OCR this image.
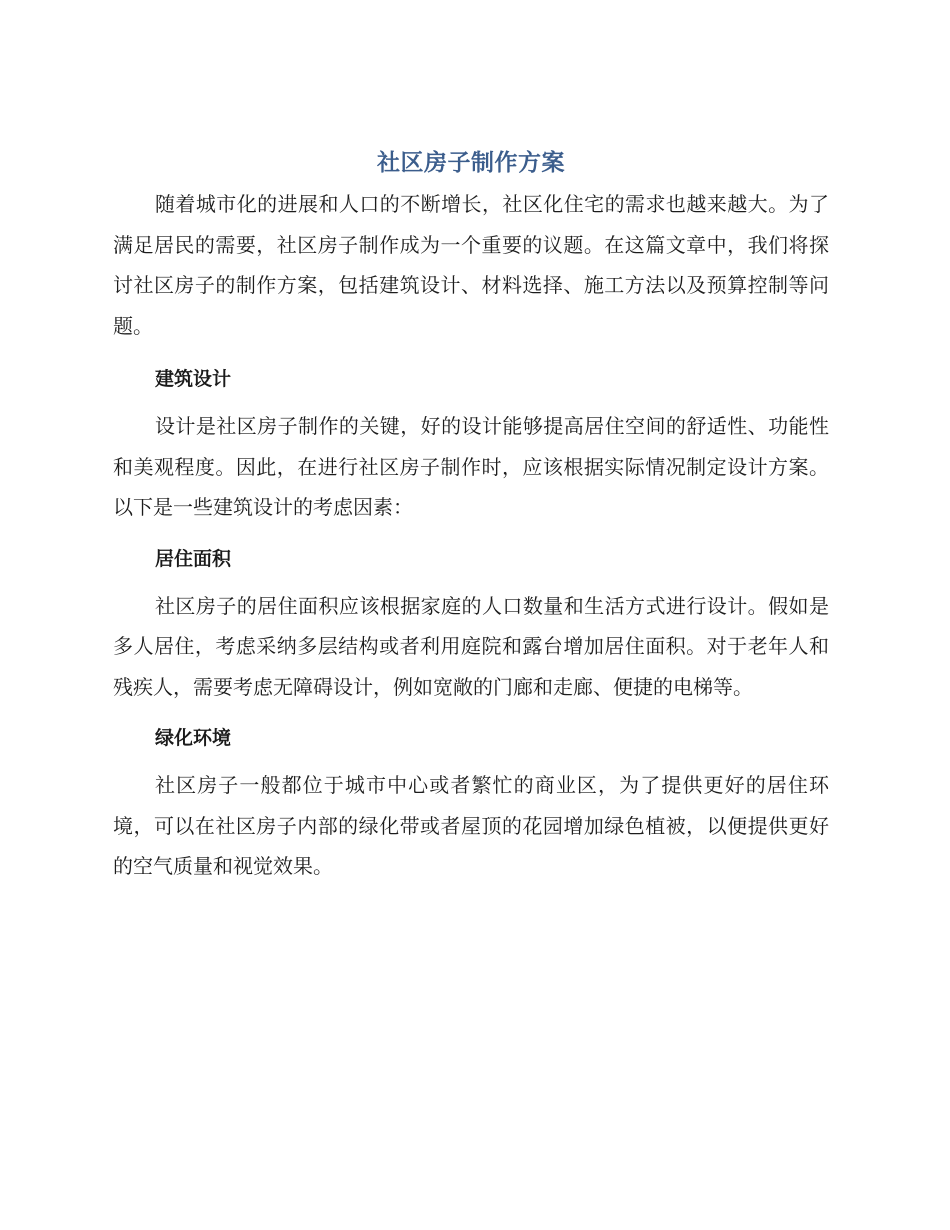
社区房子制作方案

随着城市化的进展和人口的不断增长，社区化住宅的需求也越来越大。为了满足居民的需要，社区房子制作成为一个重要的议题。在这篇文章中，我们将探讨社区房子的制作方案，包括建筑设计、材料选择、施工方法以及预算控制等问题。

建筑设计

设计是社区房子制作的关键，好的设计能够提高居住空间的舒适性、功能性和美观程度。因此，在进行社区房子制作时，应该根据实际情况制定设计方案。以下是一些建筑设计的考虑因素：

居住面积

社区房子的居住面积应该根据家庭的人口数量和生活方式进行设计。假如是多人居住，考虑采纳多层结构或者利用庭院和露台增加居住面积。对于老年人和残疾人，需要考虑无障碍设计，例如宽敞的门廊和走廊、便捷的电梯等。

绿化环境

社区房子一般都位于城市中心或者繁忙的商业区，为了提供更好的居住环境，可以在社区房子内部的绿化带或者屋顶的花园增加绿色植被，以便提供更好的空气质量和视觉效果。
